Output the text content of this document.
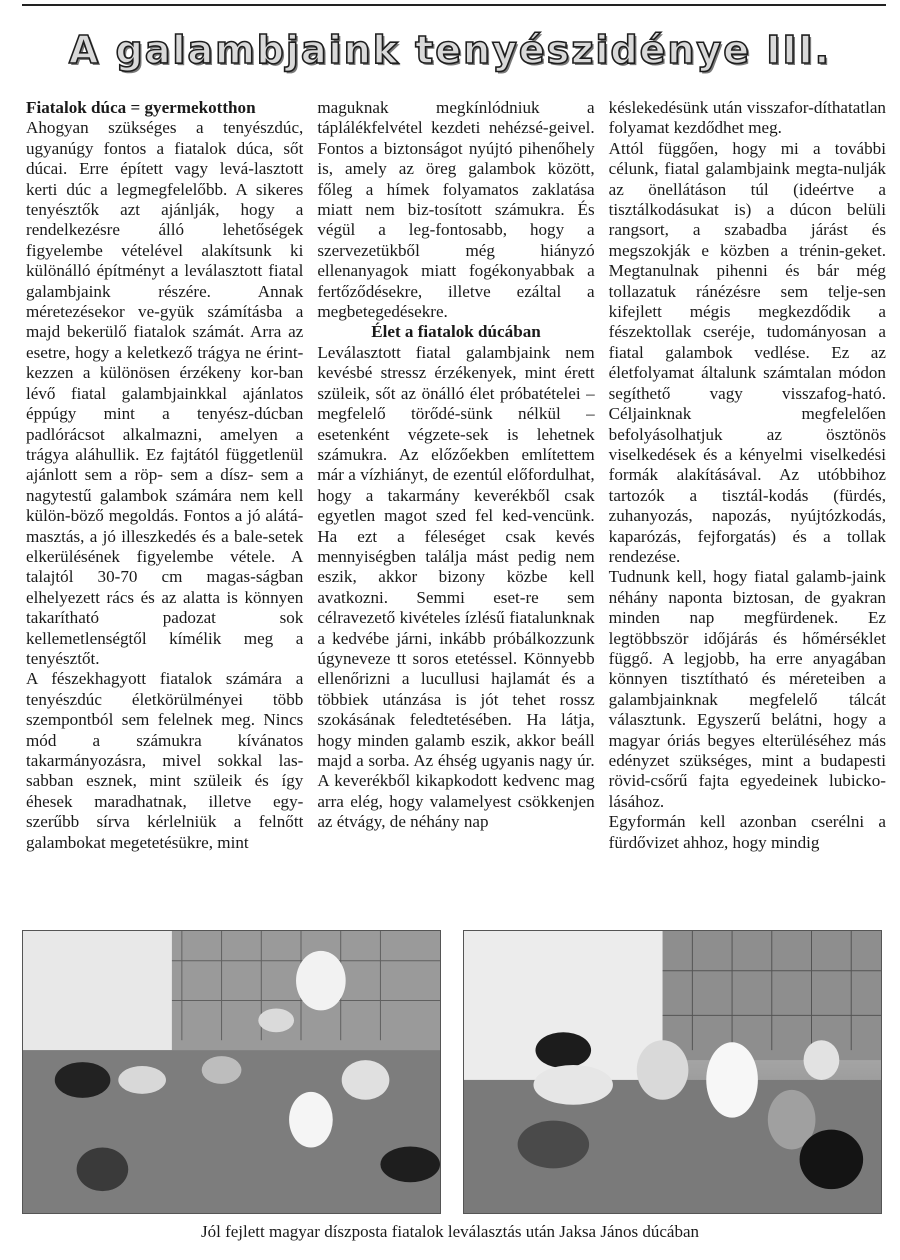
A galambjaink tenyészidénye III.

Fiatalok dúca = gyermekotthon

Ahogyan szükséges a tenyészdúc, ugyanúgy fontos a fiatalok dúca, sőt dúcai. Erre épített vagy levá-lasztott kerti dúc a legmegfelelőbb. A sikeres tenyésztők azt ajánlják, hogy a rendelkezésre álló lehetőségek figyelembe vételével alakítsunk ki különálló építményt a leválasztott fiatal galambjaink részére. Annak méretezésekor ve-gyük számításba a majd bekerülő fiatalok számát. Arra az esetre, hogy a keletkező trágya ne érint-kezzen a különösen érzékeny kor-ban lévő fiatal galambjainkkal ajánlatos éppúgy mint a tenyész-dúcban padlórácsot alkalmazni, amelyen a trágya aláhullik. Ez fajtától függetlenül ajánlott sem a röp- sem a dísz- sem a nagytestű galambok számára nem kell külön-böző megoldás. Fontos a jó alátá-masztás, a jó illeszkedés és a bale-setek elkerülésének figyelembe vétele. A talajtól 30-70 cm magas-ságban elhelyezett rács és az alatta is könnyen takarítható padozat sok kellemetlenségtől kímélik meg a tenyésztőt.

A fészekhagyott fiatalok számára a tenyészdúc életkörülményei több szempontból sem felelnek meg. Nincs mód a számukra kívánatos takarmányozásra, mivel sokkal las-sabban esznek, mint szüleik és így éhesek maradhatnak, illetve egy-szerűbb sírva kérlelniük a felnőtt galambokat megetetésükre, mint

maguknak megkínlódniuk a táplálékfelvétel kezdeti nehézsé-geivel. Fontos a biztonságot nyújtó pihenőhely is, amely az öreg galambok között, főleg a hímek folyamatos zaklatása miatt nem biz-tosított számukra. És végül a leg-fontosabb, hogy a szervezetükből még hiányzó ellenanyagok miatt fogékonyabbak a fertőződésekre, illetve ezáltal a megbetegedésekre.

Élet a fiatalok dúcában

Leválasztott fiatal galambjaink nem kevésbé stressz érzékenyek, mint érett szüleik, sőt az önálló élet próbatételei – megfelelő törődé-sünk nélkül – esetenként végzete-sek is lehetnek számukra. Az előzőekben említettem már a vízhiányt, de ezentúl előfordulhat, hogy a takarmány keverékből csak egyetlen magot szed fel ked-vencünk. Ha ezt a féleséget csak kevés mennyiségben találja mást pedig nem eszik, akkor bizony közbe kell avatkozni. Semmi eset-re sem célravezető kivételes ízlésű fiatalunknak a kedvébe járni, inkább próbálkozzunk úgyneveze tt soros etetéssel. Könnyebb ellenőrizni a lucullusi hajlamát és a többiek utánzása is jót tehet rossz szokásának feledtetésében. Ha látja, hogy minden galamb eszik, akkor beáll majd a sorba. Az éhség ugyanis nagy úr. A keverékből kikapkodott kedvenc mag arra elég, hogy valamelyest csökkenjen az étvágy, de néhány nap

késlekedésünk után visszafor-díthatatlan folyamat kezdődhet meg.

Attól függően, hogy mi a további célunk, fiatal galambjaink megta-nulják az önellátáson túl (ideértve a tisztálkodásukat is) a dúcon belüli rangsort, a szabadba járást és megszokják e közben a trénin-geket. Megtanulnak pihenni és bár még tollazatuk ránézésre sem telje-sen kifejlett mégis megkezdődik a fészektollak cseréje, tudományosan a fiatal galambok vedlése. Ez az életfolyamat általunk számtalan módon segíthető vagy visszafog-ható. Céljainknak megfelelően befolyásolhatjuk az ösztönös viselkedések és a kényelmi viselkedési formák alakításával. Az utóbbihoz tartozók a tisztál-kodás (fürdés, zuhanyozás, napozás, nyújtózkodás, kaparózás, fejforgatás) és a tollak rendezése.

Tudnunk kell, hogy fiatal galamb-jaink néhány naponta biztosan, de gyakran minden nap megfürdenek. Ez legtöbbször időjárás és hőmérséklet függő. A legjobb, ha erre anyagában könnyen tisztítható és méreteiben a galambjainknak megfelelő tálcát választunk. Egyszerű belátni, hogy a magyar óriás begyes elterüléséhez más edényzet szükséges, mint a budapesti rövid-csőrű fajta egyedeinek lubicko-lásához.

Egyformán kell azonban cserélni a fürdővizet ahhoz, hogy mindig

Jól fejlett magyar díszposta fiatalok leválasztás után Jaksa János dúcában
